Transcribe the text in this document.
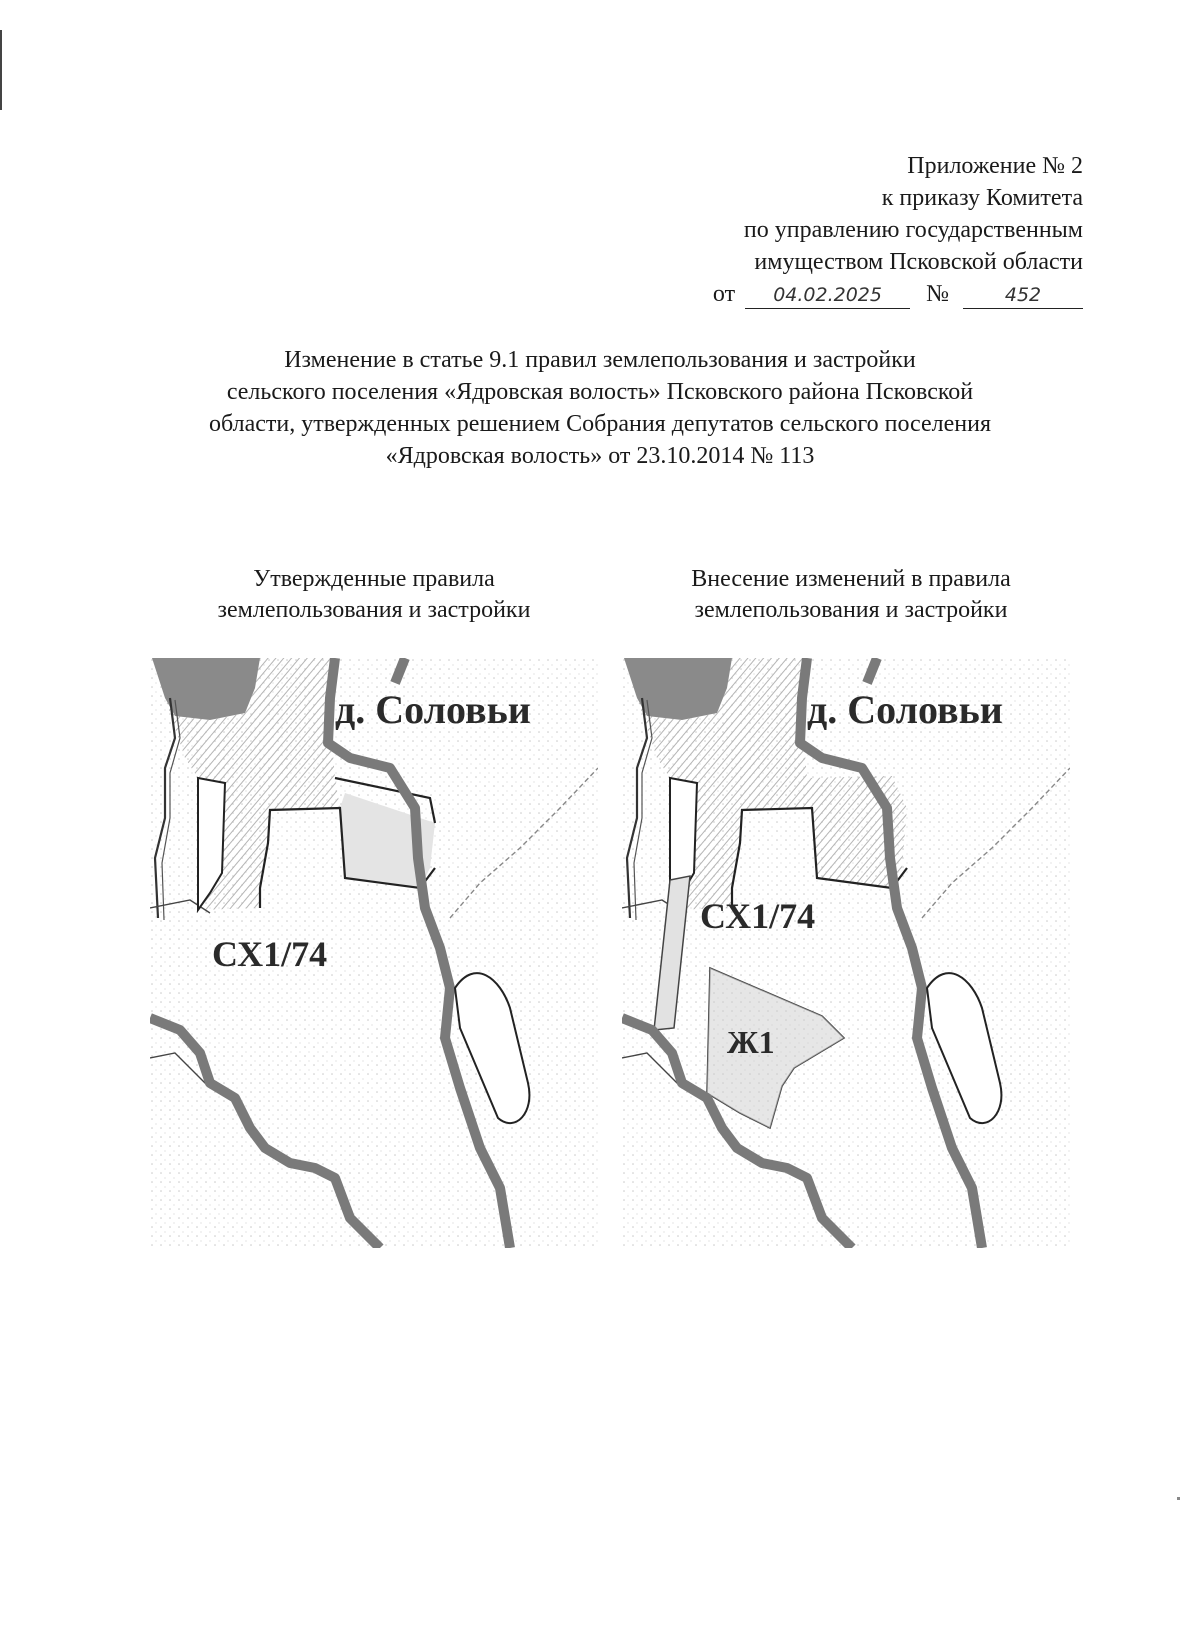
Приложение № 2
к приказу Комитета
по управлению государственным
имуществом Псковской области
от 04.02.2025 №	452
Изменение в статье 9.1 правил землепользования и застройки
сельского поселения «Ядровская волость» Псковского района Псковской
области, утвержденных решением Собрания депутатов сельского поселения
«Ядровская волость» от 23.10.2014 № 113
Утвержденные правила
землепользования и застройки
Внесение изменений в правила
землепользования и застройки
д. Соловьи
СХ1/74
д. Соловьи
СХ1/74
Ж1
